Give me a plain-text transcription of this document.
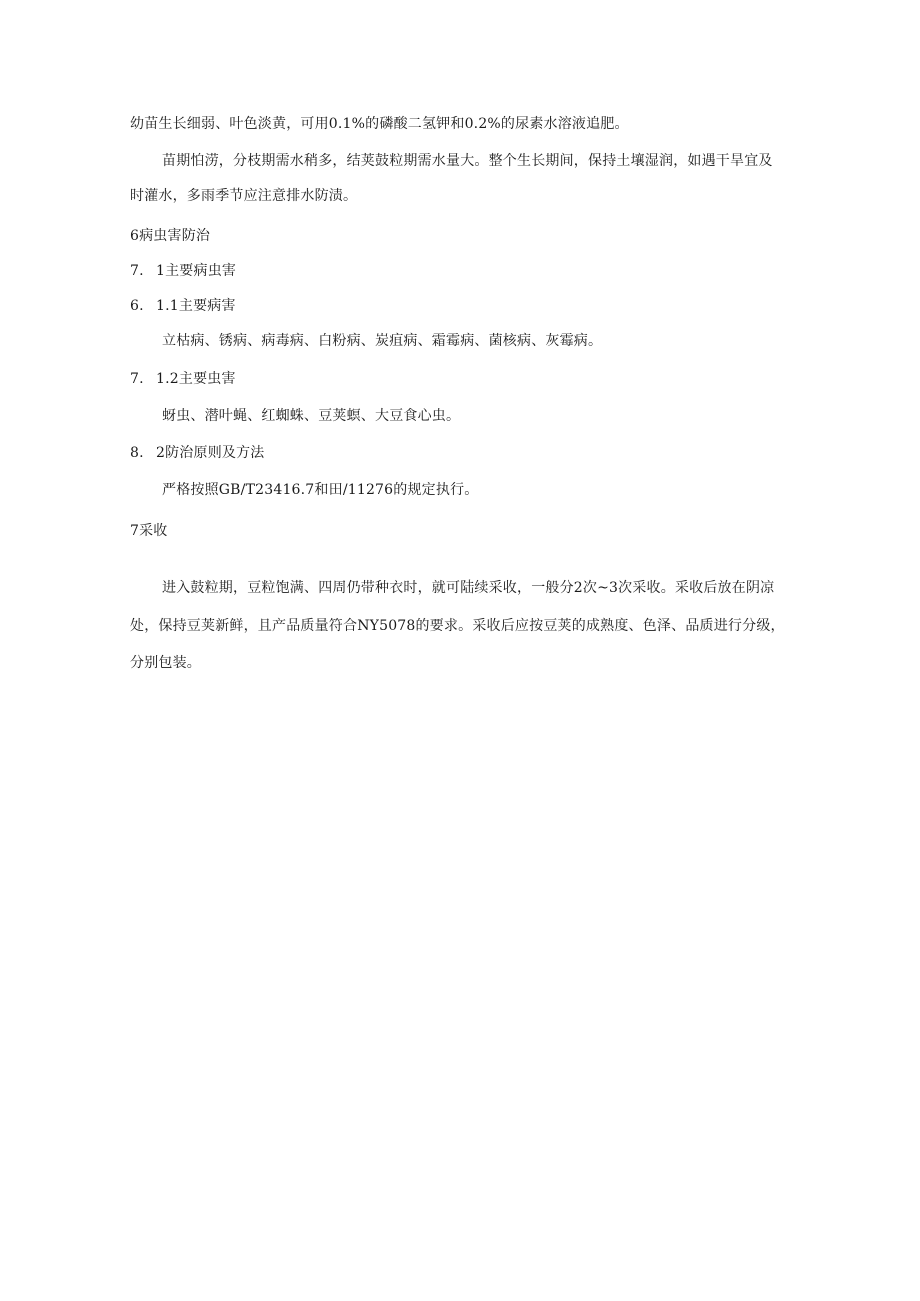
幼苗生长细弱、叶色淡黄，可用0.1%的磷酸二氢钾和0.2%的尿素水溶液追肥。
苗期怕涝，分枝期需水稍多，结荚鼓粒期需水量大。整个生长期间，保持土壤湿润，如遇干旱宜及
时灌水，多雨季节应注意排水防渍。
6病虫害防治
7. 1主要病虫害
6. 1.1主要病害
立枯病、锈病、病毒病、白粉病、炭疽病、霜霉病、菌核病、灰霉病。
7. 1.2主要虫害
蚜虫、潜叶蝇、红蜘蛛、豆荚螟、大豆食心虫。
8. 2防治原则及方法
严格按照GB/T23416.7和田/11276的规定执行。
7采收
进入鼓粒期，豆粒饱满、四周仍带种衣时，就可陆续采收，一般分2次~3次采收。采收后放在阴凉
处，保持豆荚新鲜，且产品质量符合NY5078的要求。采收后应按豆荚的成熟度、色泽、品质进行分级，
分别包装。
